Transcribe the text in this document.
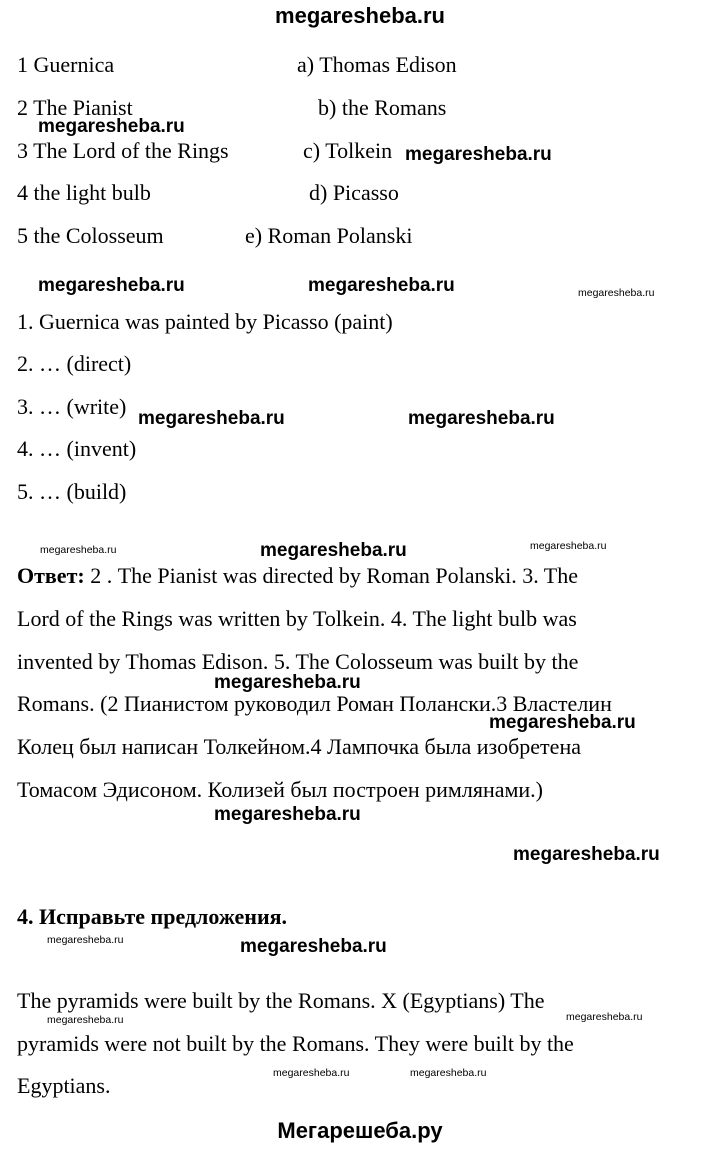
megaresheba.ru
1 Guernica	a) Thomas Edison
2 The Pianist	b) the Romans
3 The Lord of the Rings	c) Tolkein
4 the light bulb	d) Picasso
5 the Colosseum	e) Roman Polanski
1. Guernica was painted by Picasso (paint)
2. … (direct)
3. … (write)
4. … (invent)
5. … (build)
Ответ: 2 . The Pianist was directed by Roman Polanski. 3. The
Lord of the Rings was written by Tolkein. 4. The light bulb was
invented by Thomas Edison. 5. The Colosseum was built by the
Romans. (2 Пианистом руководил Роман Полански.3 Властелин
Колец был написан Толкейном.4 Лампочка была изобретена
Томасом Эдисоном. Колизей был построен римлянами.)
4. Исправьте предложения.
The pyramids were built by the Romans. X (Egyptians) The
pyramids were not built by the Romans. They were built by the
Egyptians.
megaresheba.ru
megaresheba.ru
megaresheba.ru	megaresheba.ru
megaresheba.ru	megaresheba.ru
megaresheba.ru
megaresheba.ru
megaresheba.ru
megaresheba.ru
megaresheba.ru
megaresheba.ru
megaresheba.ru
megaresheba.ru	megaresheba.ru
megaresheba.ru
megaresheba.ru	megaresheba.ru
megaresheba.ru	megaresheba.ru
Мегарешеба.ру
